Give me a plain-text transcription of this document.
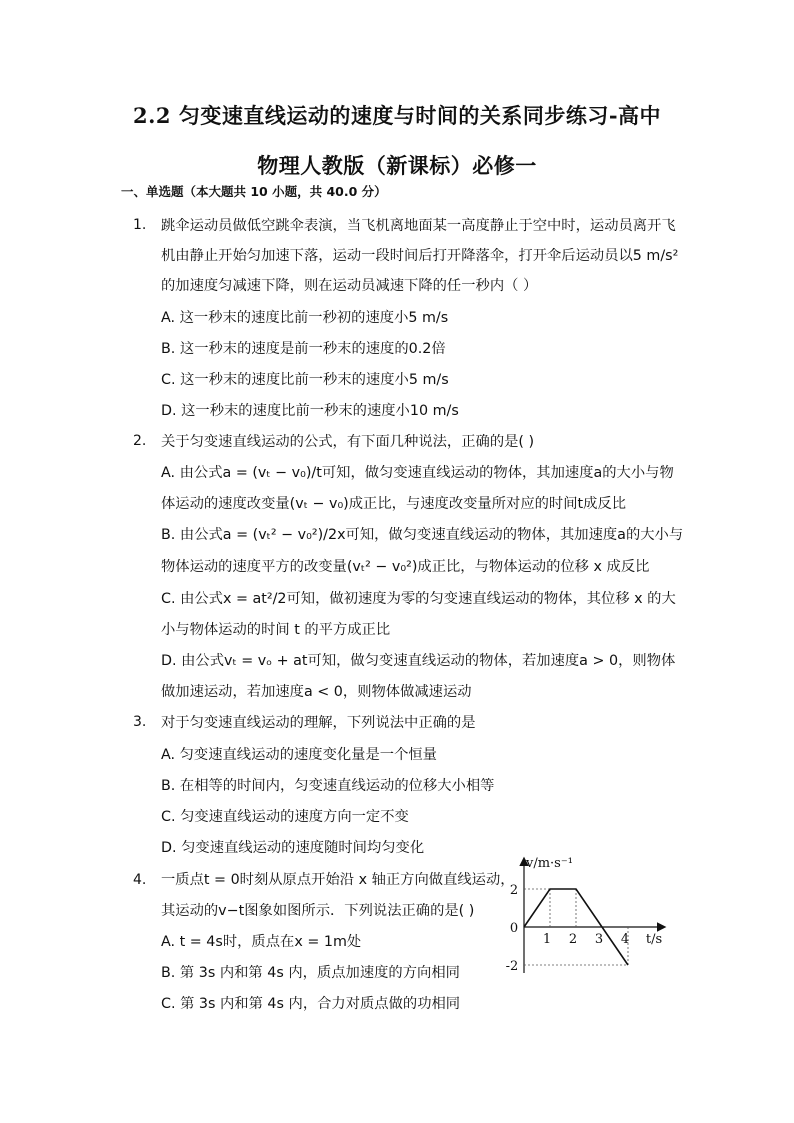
2.2 匀变速直线运动的速度与时间的关系同步练习-高中
物理人教版（新课标）必修一
一、单选题（本大题共 10 小题，共 40.0 分）
1. 跳伞运动员做低空跳伞表演，当飞机离地面某一高度静止于空中时，运动员离开飞
机由静止开始匀加速下落，运动一段时间后打开降落伞，打开伞后运动员以5 m/s²
的加速度匀减速下降，则在运动员减速下降的任一秒内（ ）
A. 这一秒末的速度比前一秒初的速度小5 m/s
B. 这一秒末的速度是前一秒末的速度的0.2倍
C. 这一秒末的速度比前一秒末的速度小5 m/s
D. 这一秒末的速度比前一秒末的速度小10 m/s
2. 关于匀变速直线运动的公式，有下面几种说法，正确的是( )
A. 由公式a = (vₜ − v₀)/t可知，做匀变速直线运动的物体，其加速度a的大小与物
体运动的速度改变量(vₜ − v₀)成正比，与速度改变量所对应的时间t成反比
B. 由公式a = (vₜ² − v₀²)/2x可知，做匀变速直线运动的物体，其加速度a的大小与
物体运动的速度平方的改变量(vₜ² − v₀²)成正比，与物体运动的位移 x 成反比
C. 由公式x = at²/2可知，做初速度为零的匀变速直线运动的物体，其位移 x 的大
小与物体运动的时间 t 的平方成正比
D. 由公式vₜ = vₒ + at可知，做匀变速直线运动的物体，若加速度a > 0，则物体
做加速运动，若加速度a < 0，则物体做减速运动
3. 对于匀变速直线运动的理解，下列说法中正确的是
A. 匀变速直线运动的速度变化量是一个恒量
B. 在相等的时间内，匀变速直线运动的位移大小相等
C. 匀变速直线运动的速度方向一定不变
D. 匀变速直线运动的速度随时间均匀变化
4. 一质点t = 0时刻从原点开始沿 x 轴正方向做直线运动，
其运动的v−t图象如图所示．下列说法正确的是( )
A. t = 4s时，质点在x = 1m处
B. 第 3s 内和第 4s 内，质点加速度的方向相同
C. 第 3s 内和第 4s 内，合力对质点做的功相同
v/m·s⁻¹
t/s
1 2 3 4
2
0
-2
